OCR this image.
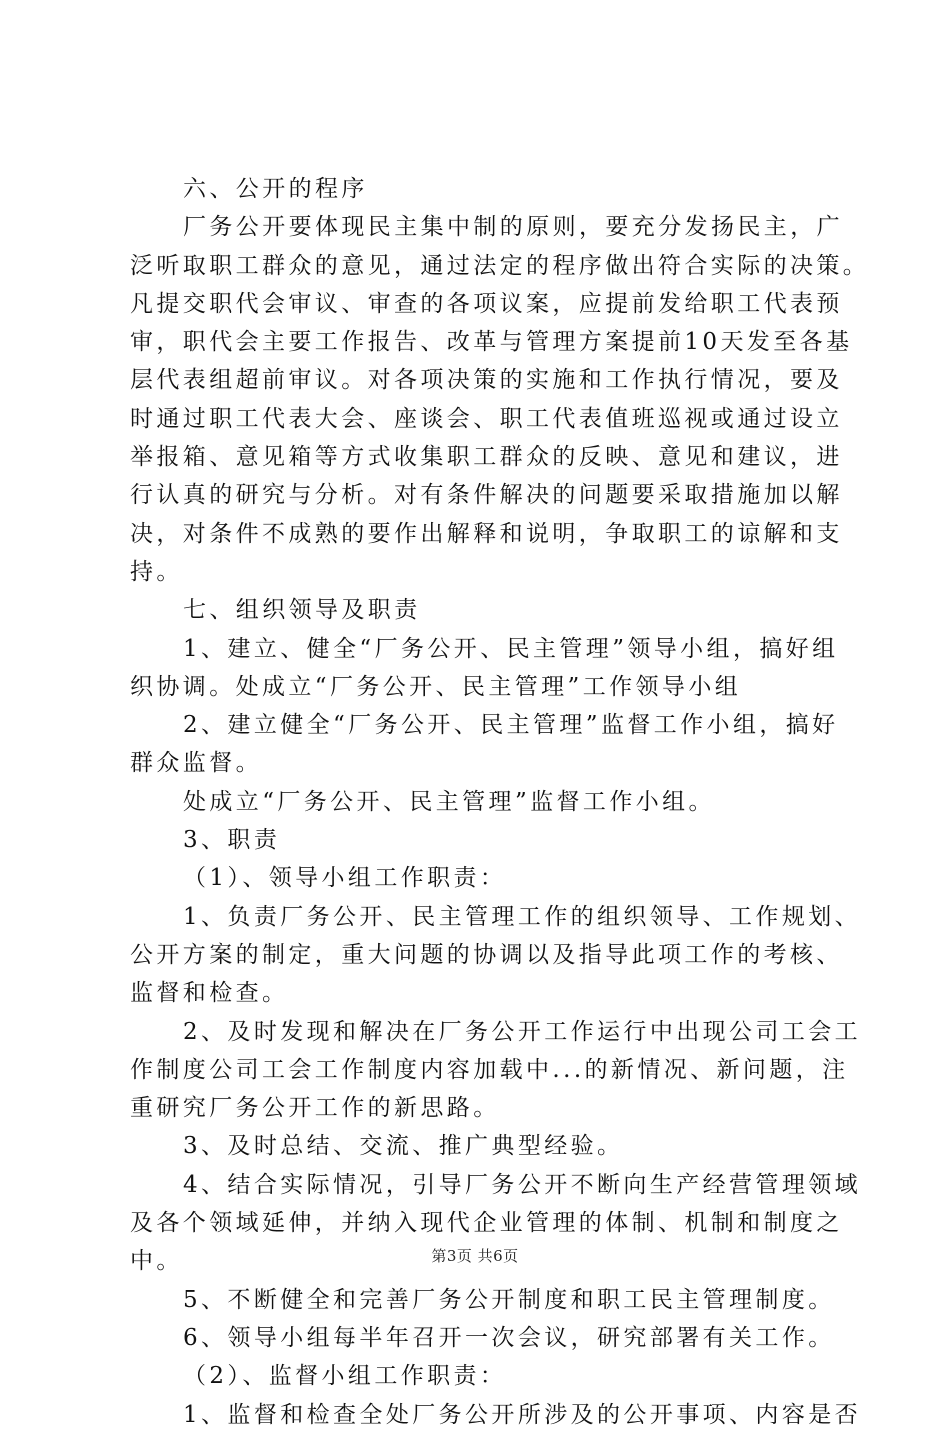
六、公开的程序
厂务公开要体现民主集中制的原则，要充分发扬民主，广
泛听取职工群众的意见，通过法定的程序做出符合实际的决策。
凡提交职代会审议、审查的各项议案，应提前发给职工代表预
审，职代会主要工作报告、改革与管理方案提前10天发至各基
层代表组超前审议。对各项决策的实施和工作执行情况，要及
时通过职工代表大会、座谈会、职工代表值班巡视或通过设立
举报箱、意见箱等方式收集职工群众的反映、意见和建议，进
行认真的研究与分析。对有条件解决的问题要采取措施加以解
决，对条件不成熟的要作出解释和说明，争取职工的谅解和支
持。
七、组织领导及职责
1、建立、健全“厂务公开、民主管理”领导小组，搞好组
织协调。处成立“厂务公开、民主管理”工作领导小组
2、建立健全“厂务公开、民主管理”监督工作小组，搞好
群众监督。
处成立“厂务公开、民主管理”监督工作小组。
3、职责
（1）、领导小组工作职责：
1、负责厂务公开、民主管理工作的组织领导、工作规划、
公开方案的制定，重大问题的协调以及指导此项工作的考核、
监督和检查。
2、及时发现和解决在厂务公开工作运行中出现公司工会工
作制度公司工会工作制度内容加载中...的新情况、新问题，注
重研究厂务公开工作的新思路。
3、及时总结、交流、推广典型经验。
4、结合实际情况，引导厂务公开不断向生产经营管理领域
及各个领域延伸，并纳入现代企业管理的体制、机制和制度之
中。
5、不断健全和完善厂务公开制度和职工民主管理制度。
6、领导小组每半年召开一次会议，研究部署有关工作。
（2）、监督小组工作职责：
1、监督和检查全处厂务公开所涉及的公开事项、内容是否
第3页 共6页
